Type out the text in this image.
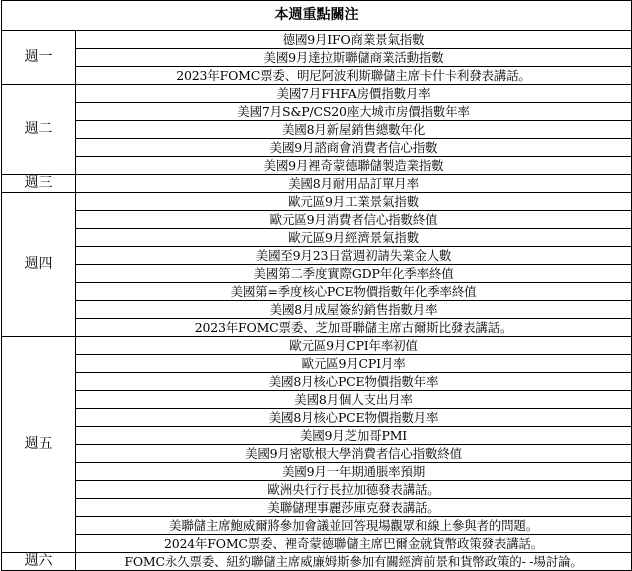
本週重點關注	
週一	德國9月IFO商業景氣指數
	美國9月達拉斯聯儲商業活動指數
	2023年FOMC票委、明尼阿波利斯聯儲主席卡什卡利發表講話。
週二	美國7月FHFA房價指數月率
	美國7月S&P/CS20座大城市房價指數年率
	美國8月新屋銷售總數年化
	美國9月諮商會消費者信心指數
	美國9月裡奇蒙德聯儲製造業指數
週三	美國8月耐用品訂單月率
週四	歐元區9月工業景氣指數
	歐元區9月消費者信心指數終值
	歐元區9月經濟景氣指數
	美國至9月23日當週初請失業金人數
	美國第二季度實際GDP年化季率終值
	美國第=季度核心PCE物價指數年化季率終值
	美國8月成屋簽約銷售指數月率
	2023年FOMC票委、芝加哥聯儲主席古爾斯比發表講話。
週五	歐元區9月CPI年率初值
	歐元區9月CPI月率
	美國8月核心PCE物價指數年率
	美國8月個人支出月率
	美國8月核心PCE物價指數月率
	美國9月芝加哥PMI
	美國9月密歇根大學消費者信心指數終值
	美國9月一年期通脹率預期
	歐洲央行行長拉加德發表講話。
	美聯儲理事麗莎庫克發表講話。
	美聯儲主席鮑威爾將參加會議並回答現場觀眾和線上參與者的問題。
	2024年FOMC票委、裡奇蒙德聯儲主席巴爾金就貨幣政策發表講話。
週六	FOMC永久票委、紐約聯儲主席威廉姆斯參加有關經濟前景和貨幣政策的- -場討論。
